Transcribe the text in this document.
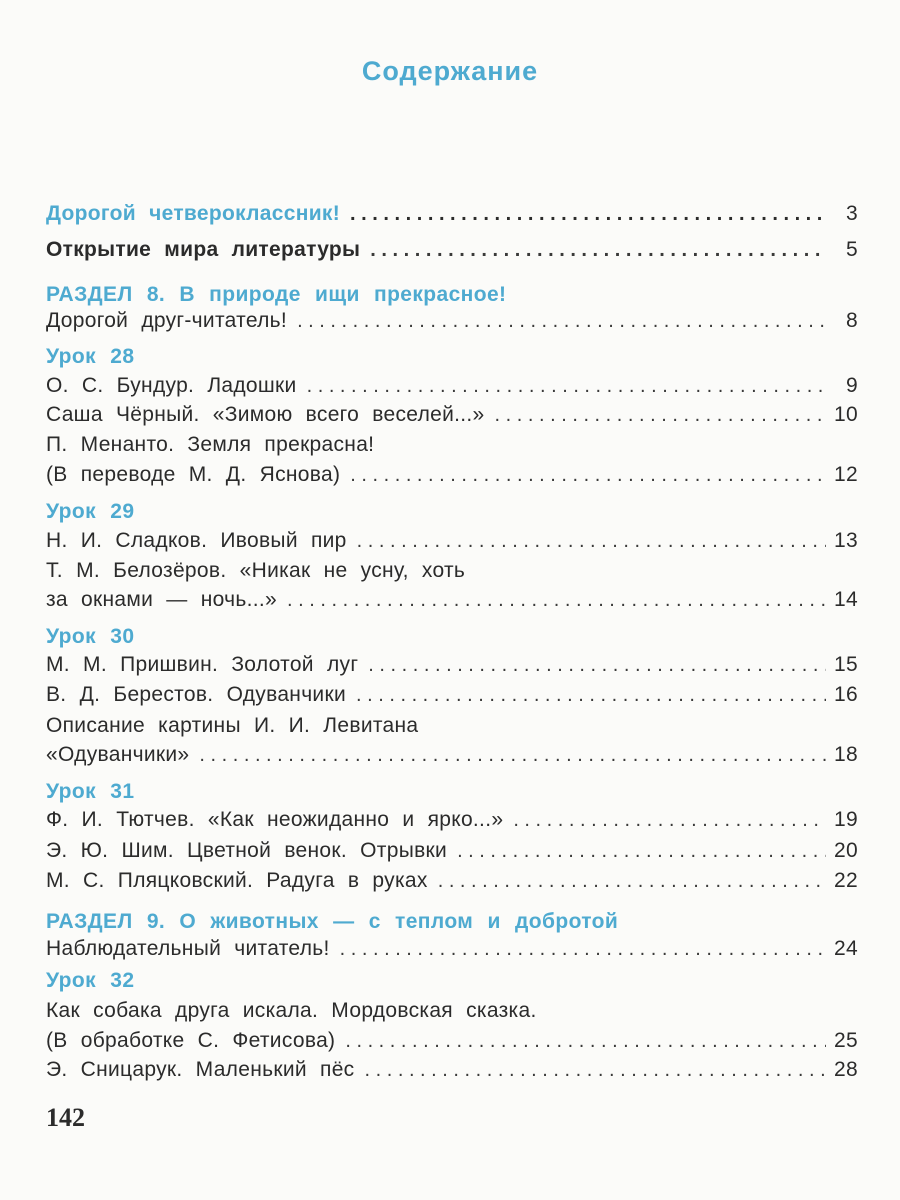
Содержание
Дорогой четвероклассник! . . .	3
Открытие мира литературы . . .	5
РАЗДЕЛ 8. В природе ищи прекрасное!
Дорогой друг-читатель! . . .	8
Урок 28
О. С. Бундур. Ладошки . . .	9
Саша Чёрный. «Зимою всего веселей...» . . .	10
П. Менанто. Земля прекрасна!
(В переводе М. Д. Яснова) . . .	12
Урок 29
Н. И. Сладков. Ивовый пир . . .	13
Т. М. Белозёров. «Никак не усну, хоть
за окнами — ночь...» . . .	14
Урок 30
М. М. Пришвин. Золотой луг . . .	15
В. Д. Берестов. Одуванчики . . .	16
Описание картины И. И. Левитана
«Одуванчики» . . .	18
Урок 31
Ф. И. Тютчев. «Как неожиданно и ярко...» . . .	19
Э. Ю. Шим. Цветной венок. Отрывки . . .	20
М. С. Пляцковский. Радуга в руках . . .	22
РАЗДЕЛ 9. О животных — с теплом и добротой
Наблюдательный читатель! . . .	24
Урок 32
Как собака друга искала. Мордовская сказка.
(В обработке С. Фетисова) . . .	25
Э. Сницарук. Маленький пёс . . .	28
142
